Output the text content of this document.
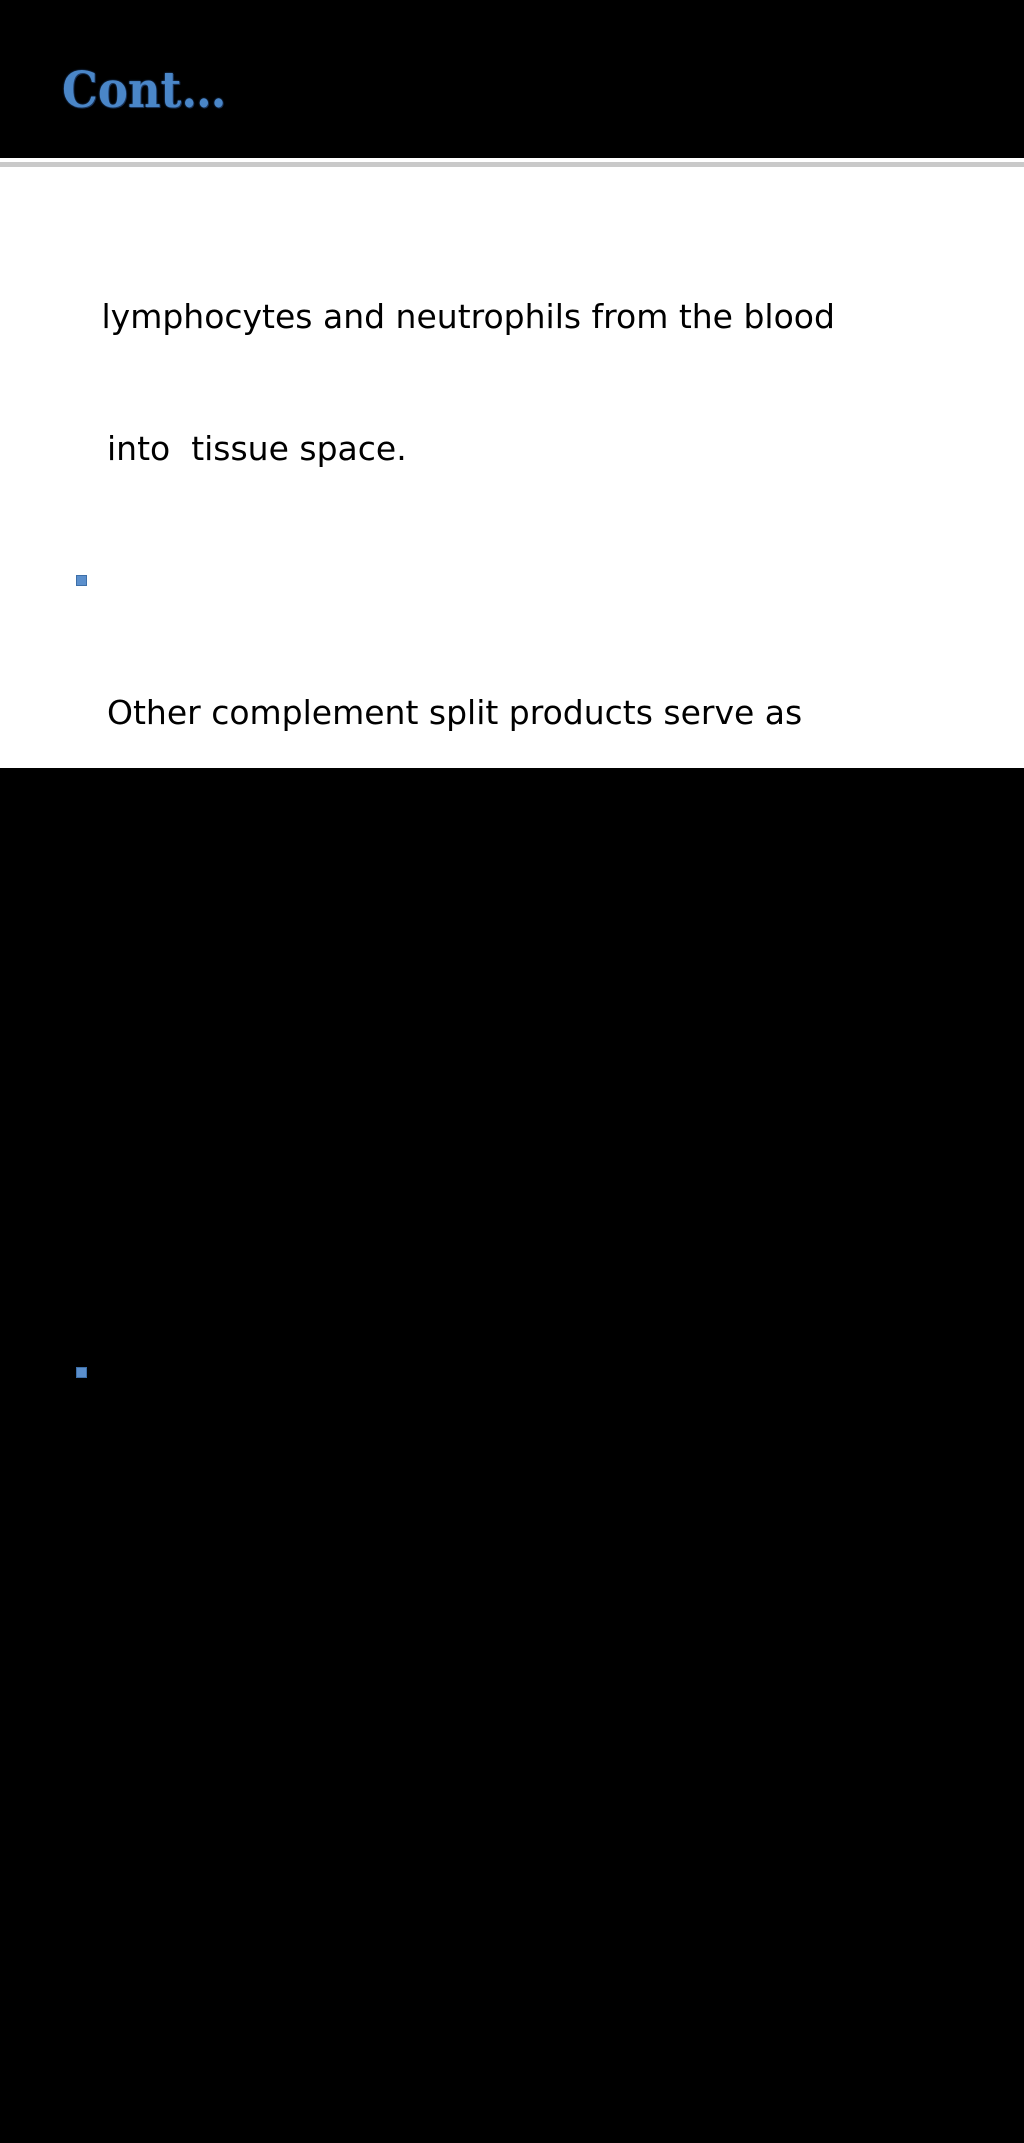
Cont…

lymphocytes and neutrophils from the blood

into  tissue space.

Other complement split products serve as

chemotactic factors for neutrophils and

macrophages, thereby contributing to the

buildup of phagocytic cells at the site of

infection.

Antibody to a bacteria toxin may bind to the

toxin and neutralize it, the antibody-toxin

complexes are then cleared by phagocytic

cells in the same manner as any other antigen

antibody complex.
